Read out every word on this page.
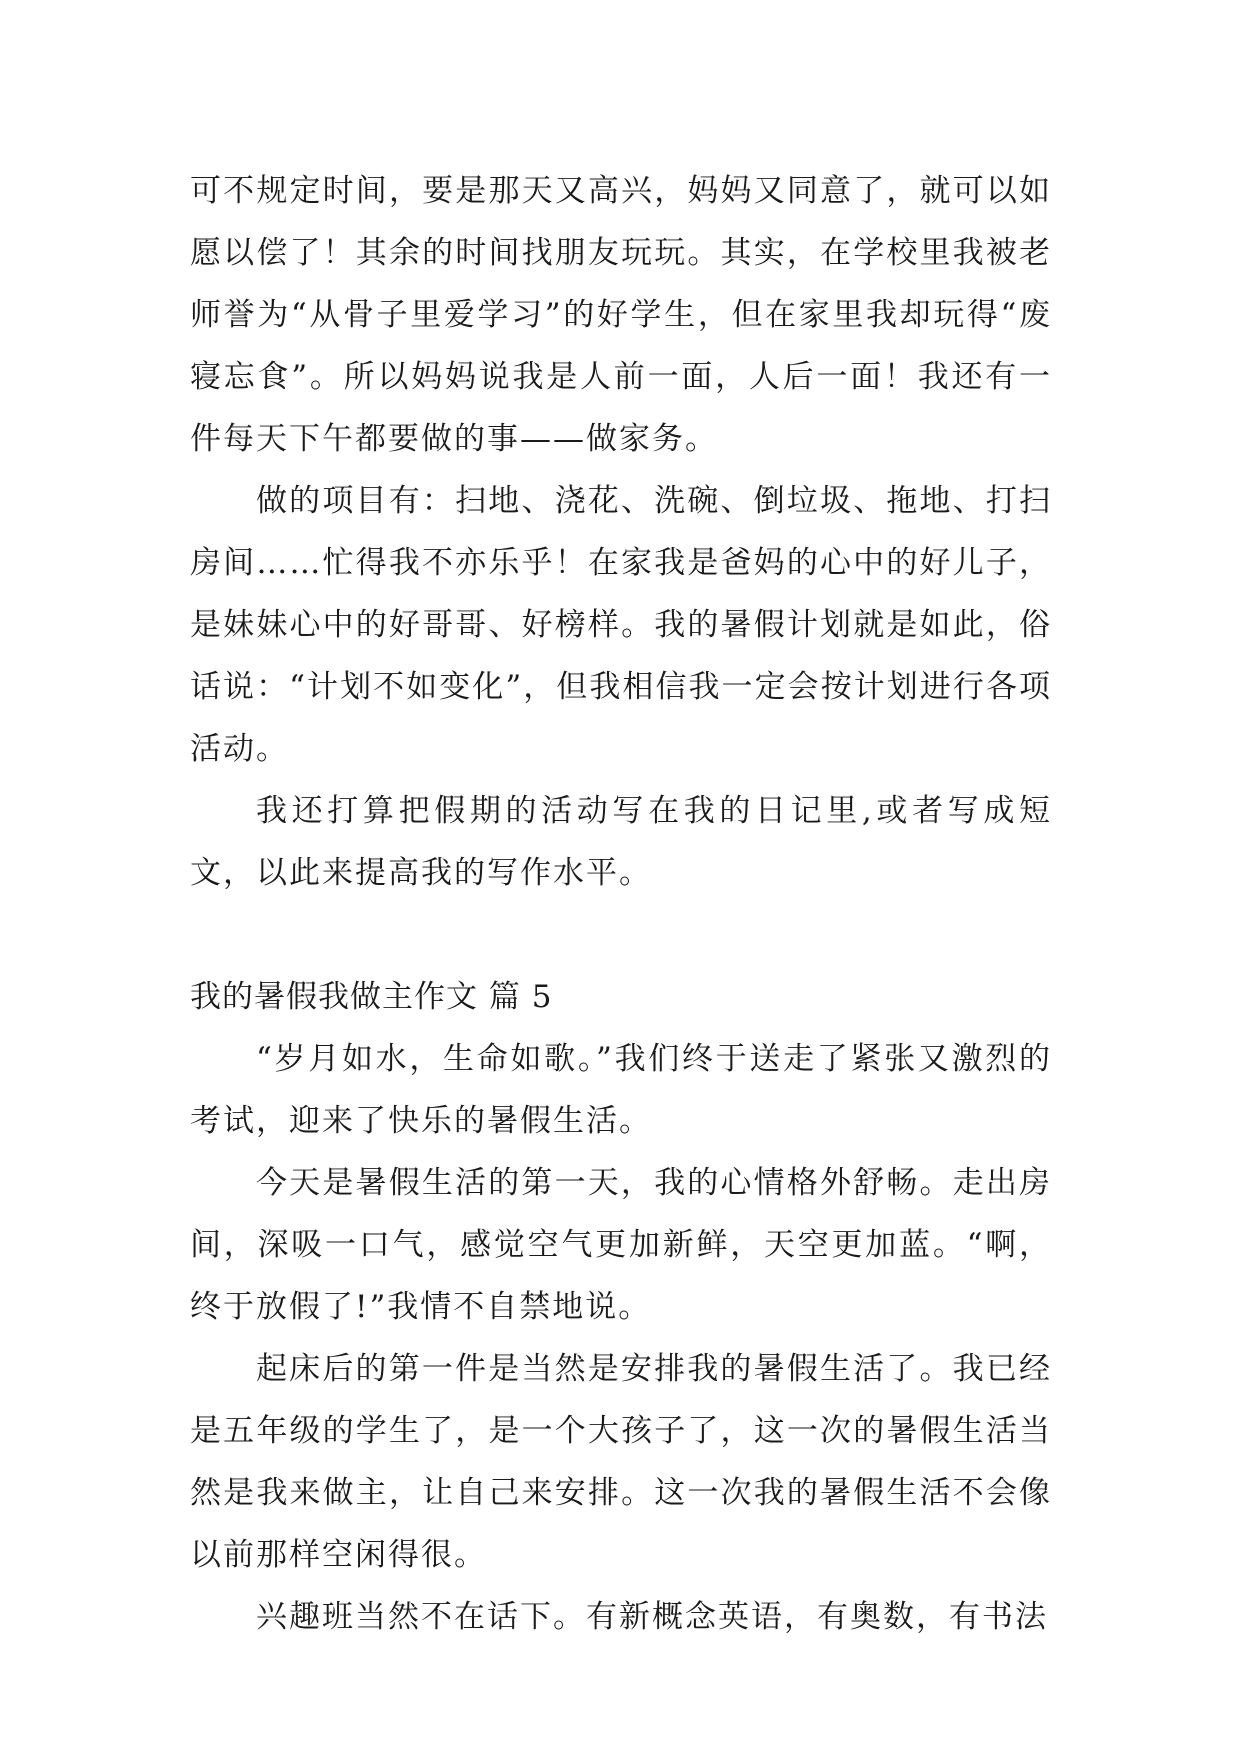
可不规定时间，要是那天又高兴，妈妈又同意了，就可以如愿以偿了！其余的时间找朋友玩玩。其实，在学校里我被老师誉为“从骨子里爱学习”的好学生，但在家里我却玩得“废寝忘食”。所以妈妈说我是人前一面，人后一面！我还有一件每天下午都要做的事——做家务。

做的项目有：扫地、浇花、洗碗、倒垃圾、拖地、打扫房间……忙得我不亦乐乎！在家我是爸妈的心中的好儿子，是妹妹心中的好哥哥、好榜样。我的暑假计划就是如此，俗话说：“计划不如变化”，但我相信我一定会按计划进行各项活动。

我还打算把假期的活动写在我的日记里,或者写成短文，以此来提高我的写作水平。

我的暑假我做主作文 篇 5

“岁月如水，生命如歌。”我们终于送走了紧张又激烈的考试，迎来了快乐的暑假生活。

今天是暑假生活的第一天，我的心情格外舒畅。走出房间，深吸一口气，感觉空气更加新鲜，天空更加蓝。“啊，终于放假了!”我情不自禁地说。

起床后的第一件是当然是安排我的暑假生活了。我已经是五年级的学生了，是一个大孩子了，这一次的暑假生活当然是我来做主，让自己来安排。这一次我的暑假生活不会像以前那样空闲得很。

兴趣班当然不在话下。有新概念英语，有奥数，有书法
